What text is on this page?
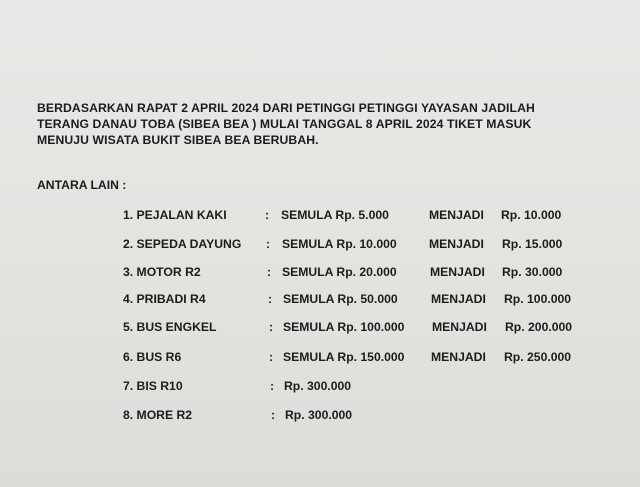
BERDASARKAN RAPAT 2 APRIL 2024 DARI PETINGGI PETINGGI YAYASAN JADILAH
TERANG DANAU TOBA (SIBEA BEA ) MULAI TANGGAL 8 APRIL 2024 TIKET MASUK
MENUJU WISATA BUKIT SIBEA BEA BERUBAH.
ANTARA LAIN :
1. PEJALAN KAKI	: SEMULA Rp. 5.000	MENJADI Rp. 10.000
2. SEPEDA DAYUNG : SEMULA Rp. 10.000	MENJADI Rp. 15.000
3. MOTOR R2	: SEMULA Rp. 20.000	MENJADI Rp. 30.000
4. PRIBADI R4	: SEMULA Rp. 50.000	MENJADI Rp. 100.000
5. BUS ENGKEL	: SEMULA Rp. 100.000 MENJADI Rp. 200.000
6. BUS R6	: SEMULA Rp. 150.000 MENJADI Rp. 250.000
7. BIS R10	: Rp. 300.000
8. MORE R2	: Rp. 300.000
